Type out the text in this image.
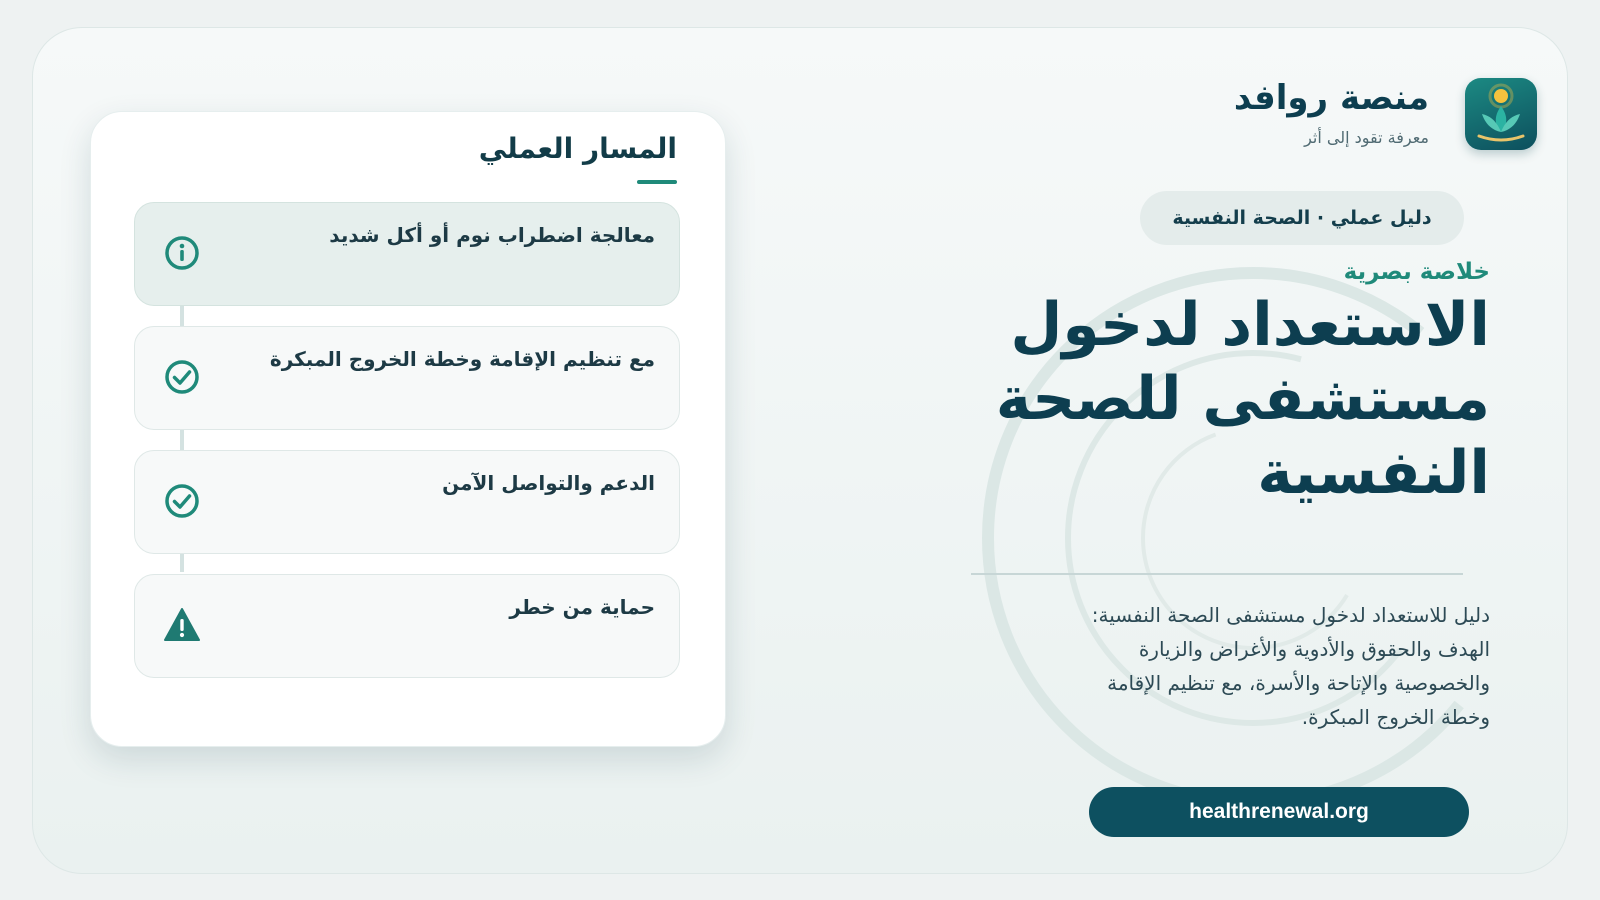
منصة روافد
معرفة تقود إلى أثر
دليل عملي · الصحة النفسية
خلاصة بصرية
الاستعداد لدخول
مستشفى للصحة
النفسية
دليل للاستعداد لدخول مستشفى الصحة النفسية: الهدف والحقوق والأدوية والأغراض والزيارة والخصوصية والإتاحة والأسرة، مع تنظيم الإقامة وخطة الخروج المبكرة.
healthrenewal.org
المسار العملي
معالجة اضطراب نوم أو أكل شديد
مع تنظيم الإقامة وخطة الخروج المبكرة
الدعم والتواصل الآمن
حماية من خطر
